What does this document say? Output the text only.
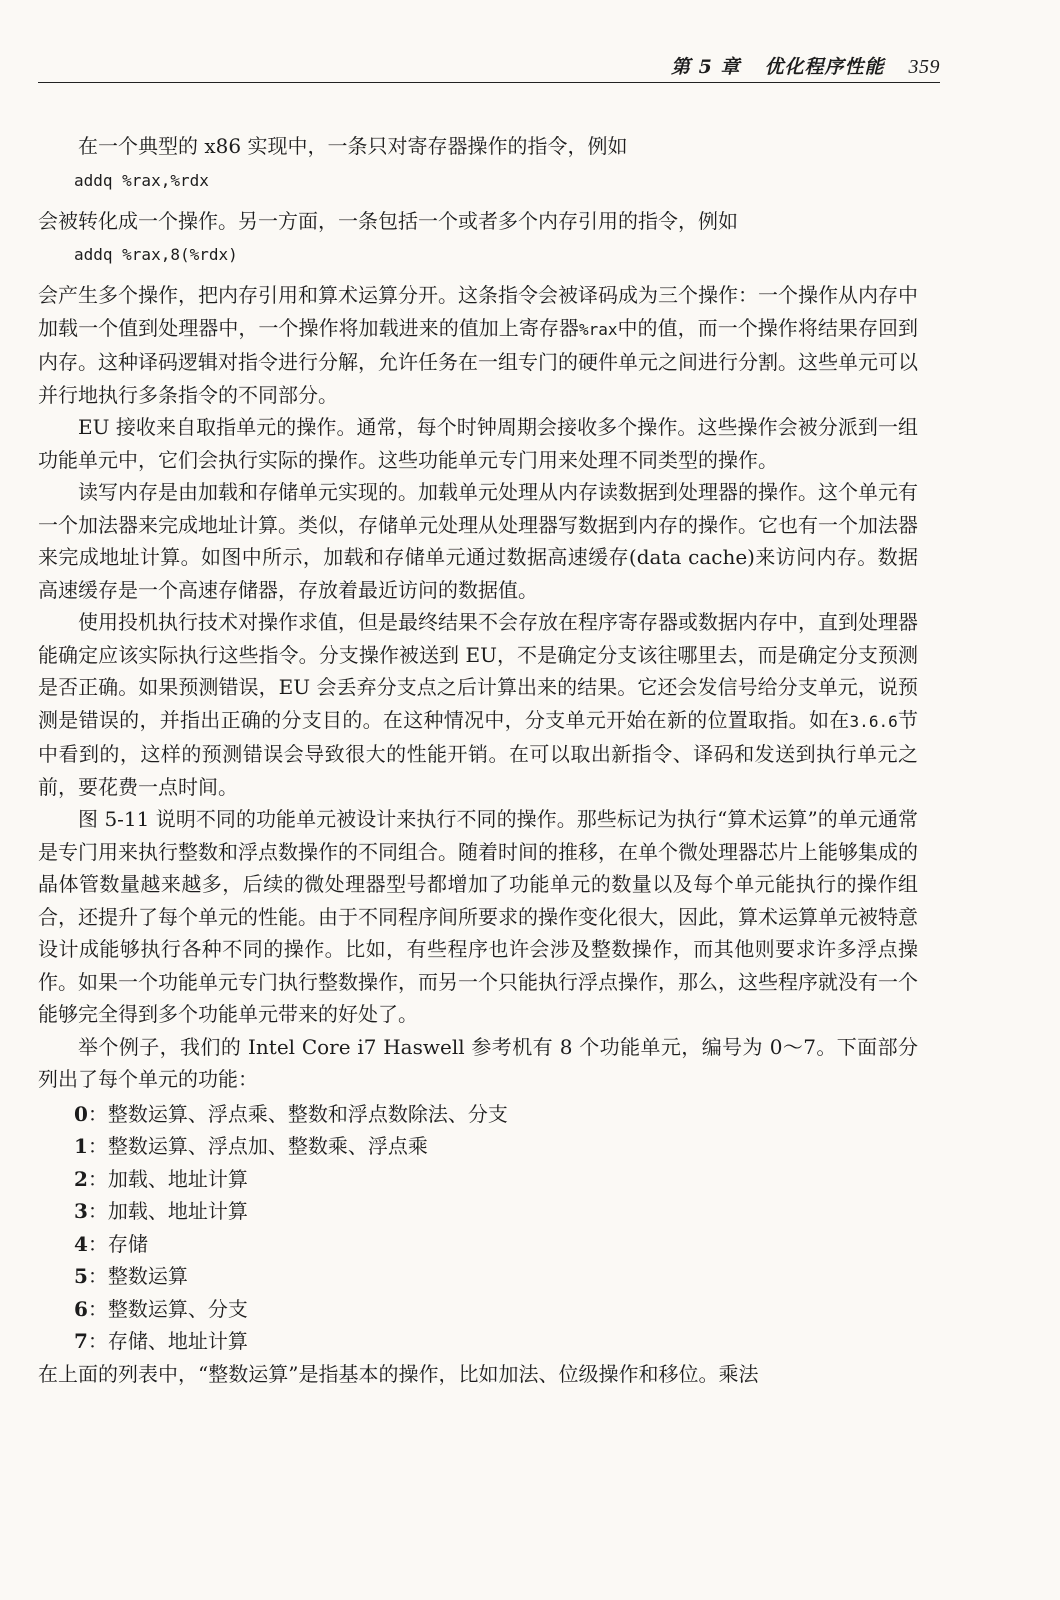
第 5 章 优化程序性能 359

在一个典型的 x86 实现中，一条只对寄存器操作的指令，例如

addq %rax,%rdx

会被转化成一个操作。另一方面，一条包括一个或者多个内存引用的指令，例如

addq %rax,8(%rdx)

会产生多个操作，把内存引用和算术运算分开。这条指令会被译码成为三个操作：一个操作从内存中加载一个值到处理器中，一个操作将加载进来的值加上寄存器%rax中的值，而一个操作将结果存回到内存。这种译码逻辑对指令进行分解，允许任务在一组专门的硬件单元之间进行分割。这些单元可以并行地执行多条指令的不同部分。

EU 接收来自取指单元的操作。通常，每个时钟周期会接收多个操作。这些操作会被分派到一组功能单元中，它们会执行实际的操作。这些功能单元专门用来处理不同类型的操作。

读写内存是由加载和存储单元实现的。加载单元处理从内存读数据到处理器的操作。这个单元有一个加法器来完成地址计算。类似，存储单元处理从处理器写数据到内存的操作。它也有一个加法器来完成地址计算。如图中所示，加载和存储单元通过数据高速缓存(data cache)来访问内存。数据高速缓存是一个高速存储器，存放着最近访问的数据值。

使用投机执行技术对操作求值，但是最终结果不会存放在程序寄存器或数据内存中，直到处理器能确定应该实际执行这些指令。分支操作被送到 EU，不是确定分支该往哪里去，而是确定分支预测是否正确。如果预测错误，EU 会丢弃分支点之后计算出来的结果。它还会发信号给分支单元，说预测是错误的，并指出正确的分支目的。在这种情况中，分支单元开始在新的位置取指。如在3.6.6节中看到的，这样的预测错误会导致很大的性能开销。在可以取出新指令、译码和发送到执行单元之前，要花费一点时间。

图 5-11 说明不同的功能单元被设计来执行不同的操作。那些标记为执行“算术运算”的单元通常是专门用来执行整数和浮点数操作的不同组合。随着时间的推移，在单个微处理器芯片上能够集成的晶体管数量越来越多，后续的微处理器型号都增加了功能单元的数量以及每个单元能执行的操作组合，还提升了每个单元的性能。由于不同程序间所要求的操作变化很大，因此，算术运算单元被特意设计成能够执行各种不同的操作。比如，有些程序也许会涉及整数操作，而其他则要求许多浮点操作。如果一个功能单元专门执行整数操作，而另一个只能执行浮点操作，那么，这些程序就没有一个能够完全得到多个功能单元带来的好处了。

举个例子，我们的 Intel Core i7 Haswell 参考机有 8 个功能单元，编号为 0～7。下面部分列出了每个单元的功能：

0：整数运算、浮点乘、整数和浮点数除法、分支
1：整数运算、浮点加、整数乘、浮点乘
2：加载、地址计算
3：加载、地址计算
4：存储
5：整数运算
6：整数运算、分支
7：存储、地址计算

在上面的列表中，“整数运算”是指基本的操作，比如加法、位级操作和移位。乘法
